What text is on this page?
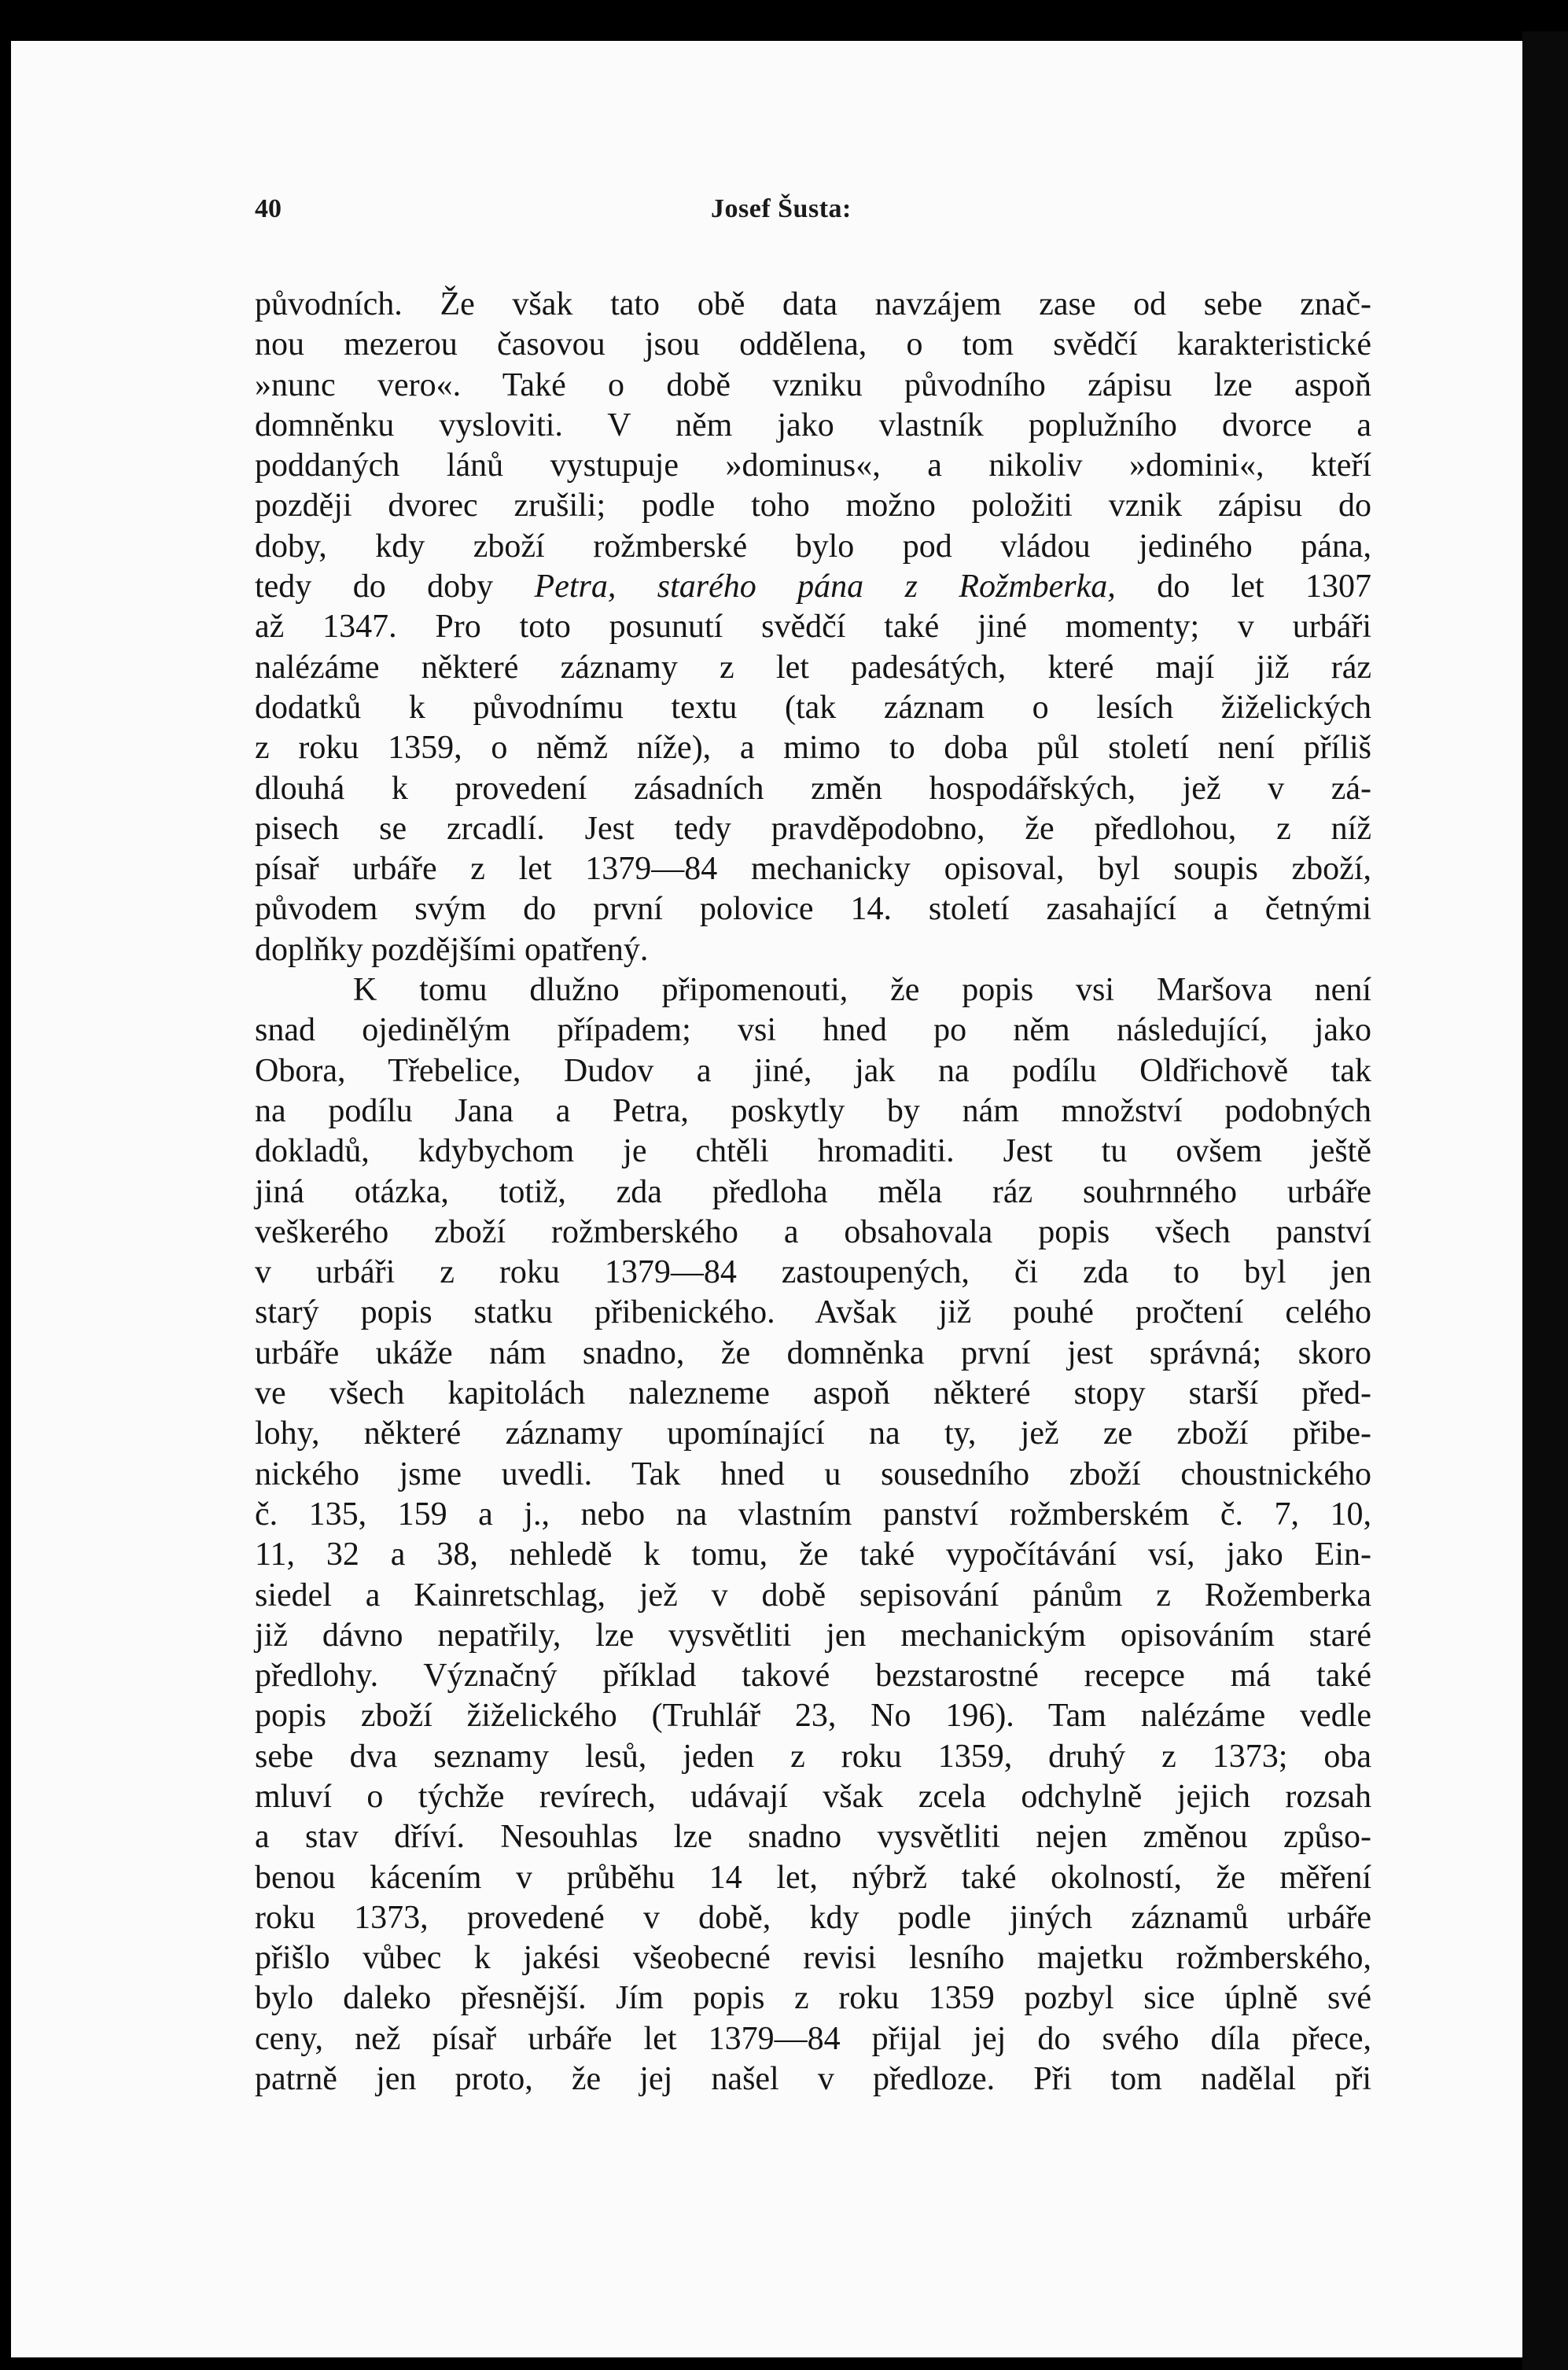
40	Josef Šusta:
původních. Že však tato obě data navzájem zase od sebe znač-
nou mezerou časovou jsou oddělena, o tom svědčí karakteristické
»nunc vero«. Také o době vzniku původního zápisu lze aspoň
domněnku vysloviti. V něm jako vlastník poplužního dvorce a
poddaných lánů vystupuje »dominus«, a nikoliv »domini«, kteří
později dvorec zrušili; podle toho možno položiti vznik zápisu do
doby, kdy zboží rožmberské bylo pod vládou jediného pána,
tedy do doby Petra, starého pána z Rožmberka, do let 1307
až 1347. Pro toto posunutí svědčí také jiné momenty; v urbáři
nalézáme některé záznamy z let padesátých, které mají již ráz
dodatků k původnímu textu (tak záznam o lesích žiželických
z roku 1359, o němž níže), a mimo to doba půl století není příliš
dlouhá k provedení zásadních změn hospodářských, jež v zá-
pisech se zrcadlí. Jest tedy pravděpodobno, že předlohou, z níž
písař urbáře z let 1379—84 mechanicky opisoval, byl soupis zboží,
původem svým do první polovice 14. století zasahající a četnými
doplňky pozdějšími opatřený.
K tomu dlužno připomenouti, že popis vsi Maršova není
snad ojedinělým případem; vsi hned po něm následující, jako
Obora, Třebelice, Dudov a jiné, jak na podílu Oldřichově tak
na podílu Jana a Petra, poskytly by nám množství podobných
dokladů, kdybychom je chtěli hromaditi. Jest tu ovšem ještě
jiná otázka, totiž, zda předloha měla ráz souhrnného urbáře
veškerého zboží rožmberského a obsahovala popis všech panství
v urbáři z roku 1379—84 zastoupených, či zda to byl jen
starý popis statku přibenického. Avšak již pouhé pročtení celého
urbáře ukáže nám snadno, že domněnka první jest správná; skoro
ve všech kapitolách nalezneme aspoň některé stopy starší před-
lohy, některé záznamy upomínající na ty, jež ze zboží přibe-
nického jsme uvedli. Tak hned u sousedního zboží choustnického
č. 135, 159 a j., nebo na vlastním panství rožmberském č. 7, 10,
11, 32 a 38, nehledě k tomu, že také vypočítávání vsí, jako Ein-
siedel a Kainretschlag, jež v době sepisování pánům z Rožemberka
již dávno nepatřily, lze vysvětliti jen mechanickým opisováním staré
předlohy. Význačný příklad takové bezstarostné recepce má také
popis zboží žiželického (Truhlář 23, No 196). Tam nalézáme vedle
sebe dva seznamy lesů, jeden z roku 1359, druhý z 1373; oba
mluví o týchže revírech, udávají však zcela odchylně jejich rozsah
a stav dříví. Nesouhlas lze snadno vysvětliti nejen změnou způso-
benou kácením v průběhu 14 let, nýbrž také okolností, že měření
roku 1373, provedené v době, kdy podle jiných záznamů urbáře
přišlo vůbec k jakési všeobecné revisi lesního majetku rožmberského,
bylo daleko přesnější. Jím popis z roku 1359 pozbyl sice úplně své
ceny, než písař urbáře let 1379—84 přijal jej do svého díla přece,
patrně jen proto, že jej našel v předloze. Při tom nadělal při
